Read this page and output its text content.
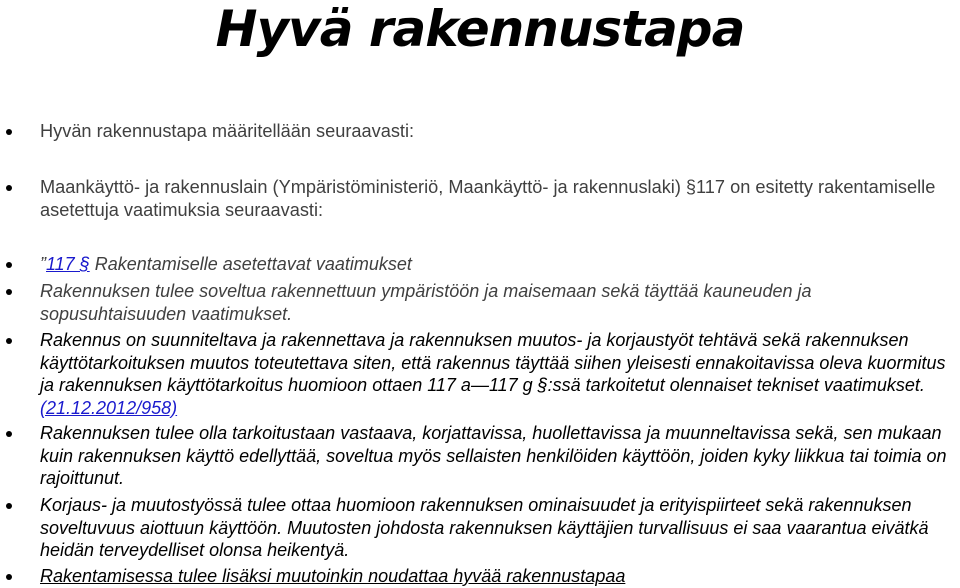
Hyvä rakennustapa
Hyvän rakennustapa määritellään seuraavasti:
Maankäyttö- ja rakennuslain (Ympäristöministeriö, Maankäyttö- ja rakennuslaki) §117 on esitetty rakentamiselle asetettuja vaatimuksia seuraavasti:
”117 § Rakentamiselle asetettavat vaatimukset
Rakennuksen tulee soveltua rakennettuun ympäristöön ja maisemaan sekä täyttää kauneuden ja sopusuhtaisuuden vaatimukset.
Rakennus on suunniteltava ja rakennettava ja rakennuksen muutos- ja korjaustyöt tehtävä sekä rakennuksen käyttötarkoituksen muutos toteutettava siten, että rakennus täyttää siihen yleisesti ennakoitavissa oleva kuormitus ja rakennuksen käyttötarkoitus huomioon ottaen 117 a—117 g §:ssä tarkoitetut olennaiset tekniset vaatimukset. (21.12.2012/958)
Rakennuksen tulee olla tarkoitustaan vastaava, korjattavissa, huollettavissa ja muunneltavissa sekä, sen mukaan kuin rakennuksen käyttö edellyttää, soveltua myös sellaisten henkilöiden käyttöön, joiden kyky liikkua tai toimia on rajoittunut.
Korjaus- ja muutostyössä tulee ottaa huomioon rakennuksen ominaisuudet ja erityispiirteet sekä rakennuksen soveltuvuus aiottuun käyttöön. Muutosten johdosta rakennuksen käyttäjien turvallisuus ei saa vaarantua eivätkä heidän terveydelliset olonsa heikentyä.
Rakentamisessa tulee lisäksi muutoinkin noudattaa hyvää rakennustapaa
